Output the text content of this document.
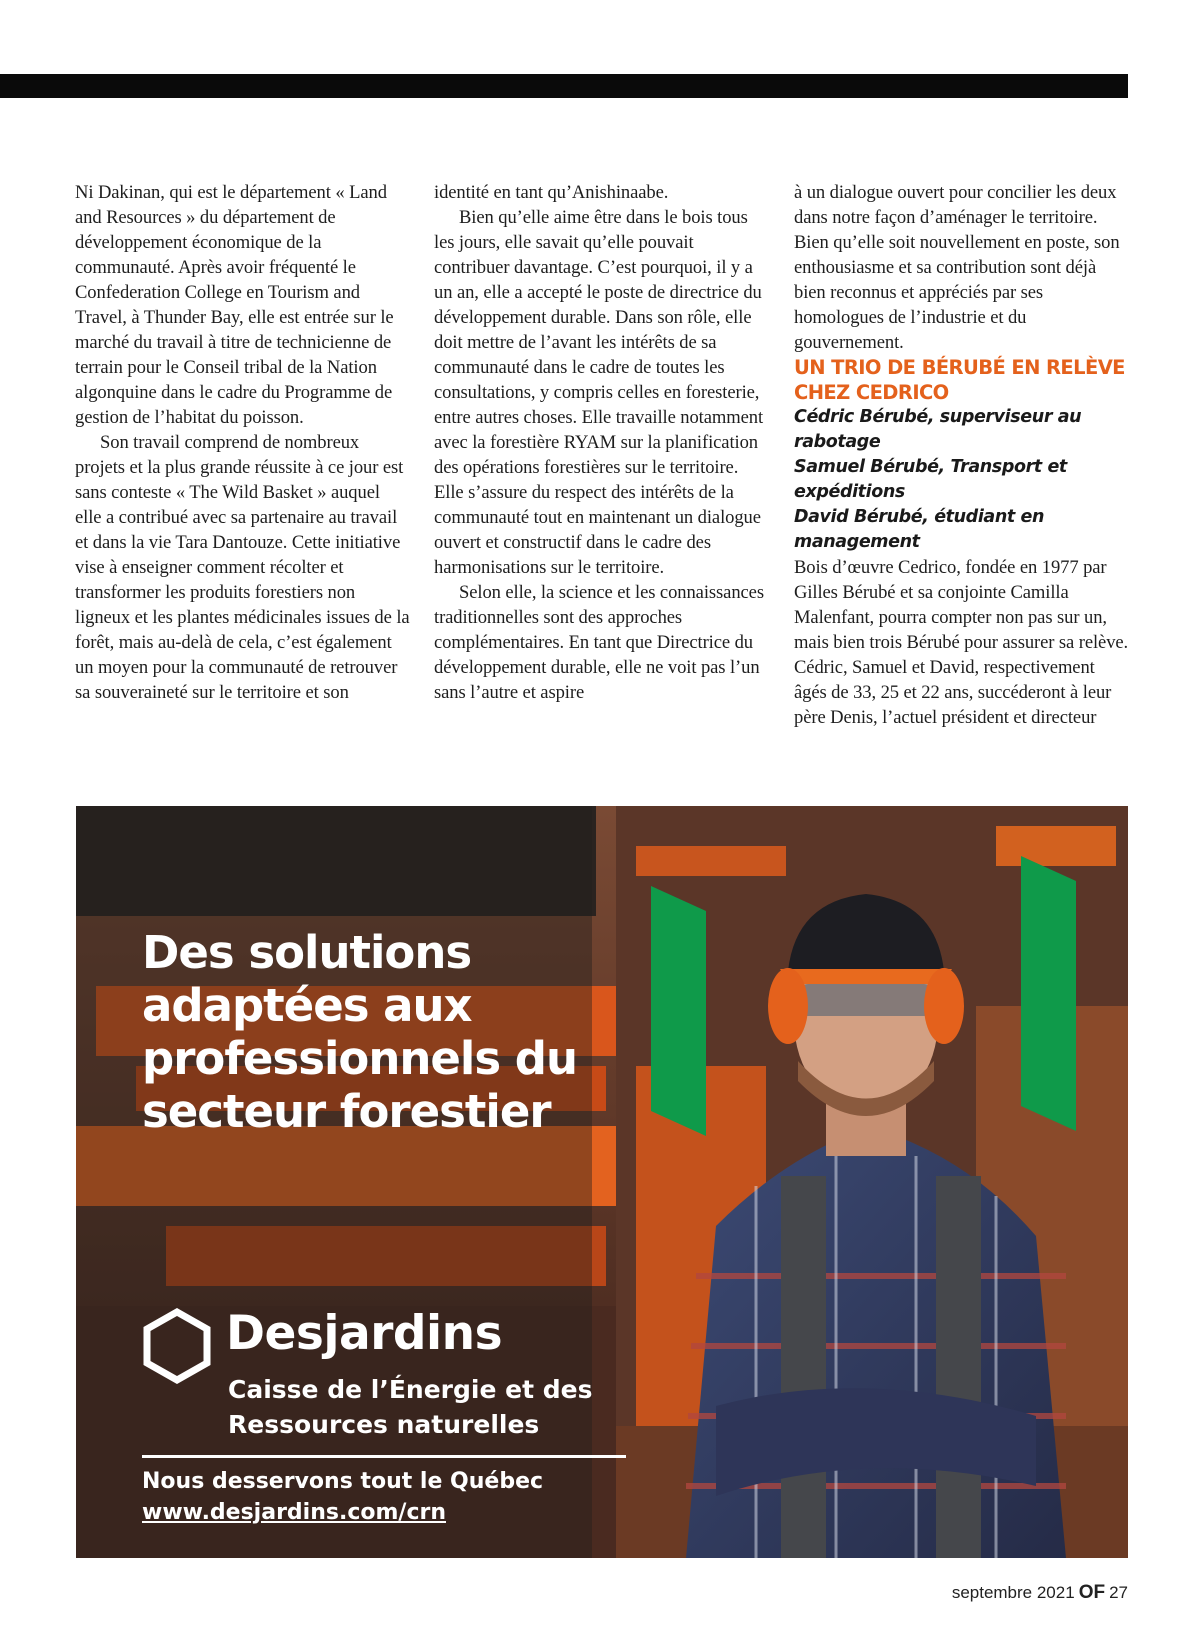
Ni Dakinan, qui est le département « Land and Resources » du département de développement économique de la communauté. Après avoir fréquenté le Confederation College en Tourism and Travel, à Thunder Bay, elle est entrée sur le marché du travail à titre de technicienne de terrain pour le Conseil tribal de la Nation algonquine dans le cadre du Programme de gestion de l’habitat du poisson.

Son travail comprend de nombreux projets et la plus grande réussite à ce jour est sans conteste « The Wild Basket » auquel elle a contribué avec sa partenaire au travail et dans la vie Tara Dantouze. Cette initiative vise à enseigner comment récolter et transformer les produits forestiers non ligneux et les plantes médicinales issues de la forêt, mais au-delà de cela, c’est également un moyen pour la communauté de retrouver sa souveraineté sur le territoire et son

identité en tant qu’Anishinaabe.

Bien qu’elle aime être dans le bois tous les jours, elle savait qu’elle pouvait contribuer davantage. C’est pourquoi, il y a un an, elle a accepté le poste de directrice du développement durable. Dans son rôle, elle doit mettre de l’avant les intérêts de sa communauté dans le cadre de toutes les consultations, y compris celles en foresterie, entre autres choses. Elle travaille notamment avec la forestière RYAM sur la planification des opérations forestières sur le territoire. Elle s’assure du respect des intérêts de la communauté tout en maintenant un dialogue ouvert et constructif dans le cadre des harmonisations sur le territoire.

Selon elle, la science et les connaissances traditionnelles sont des approches complémentaires. En tant que Directrice du développement durable, elle ne voit pas l’un sans l’autre et aspire

à un dialogue ouvert pour concilier les deux dans notre façon d’aménager le territoire. Bien qu’elle soit nouvellement en poste, son enthousiasme et sa contribution sont déjà bien reconnus et appréciés par ses homologues de l’industrie et du gouvernement.

UN TRIO DE BÉRUBÉ EN RELÈVE CHEZ CEDRICO

Cédric Bérubé, superviseur au rabotage

Samuel Bérubé, Transport et expéditions

David Bérubé, étudiant en management

Bois d’œuvre Cedrico, fondée en 1977 par Gilles Bérubé et sa conjointe Camilla Malenfant, pourra compter non pas sur un, mais bien trois Bérubé pour assurer sa relève. Cédric, Samuel et David, respectivement âgés de 33, 25 et 22 ans, succéderont à leur père Denis, l’actuel président et directeur

Des solutions adaptées aux professionnels du secteur forestier
Desjardins
Caisse de l’Énergie et des Ressources naturelles
Nous desservons tout le Québec
www.desjardins.com/crn
septembre 2021 OF 27
